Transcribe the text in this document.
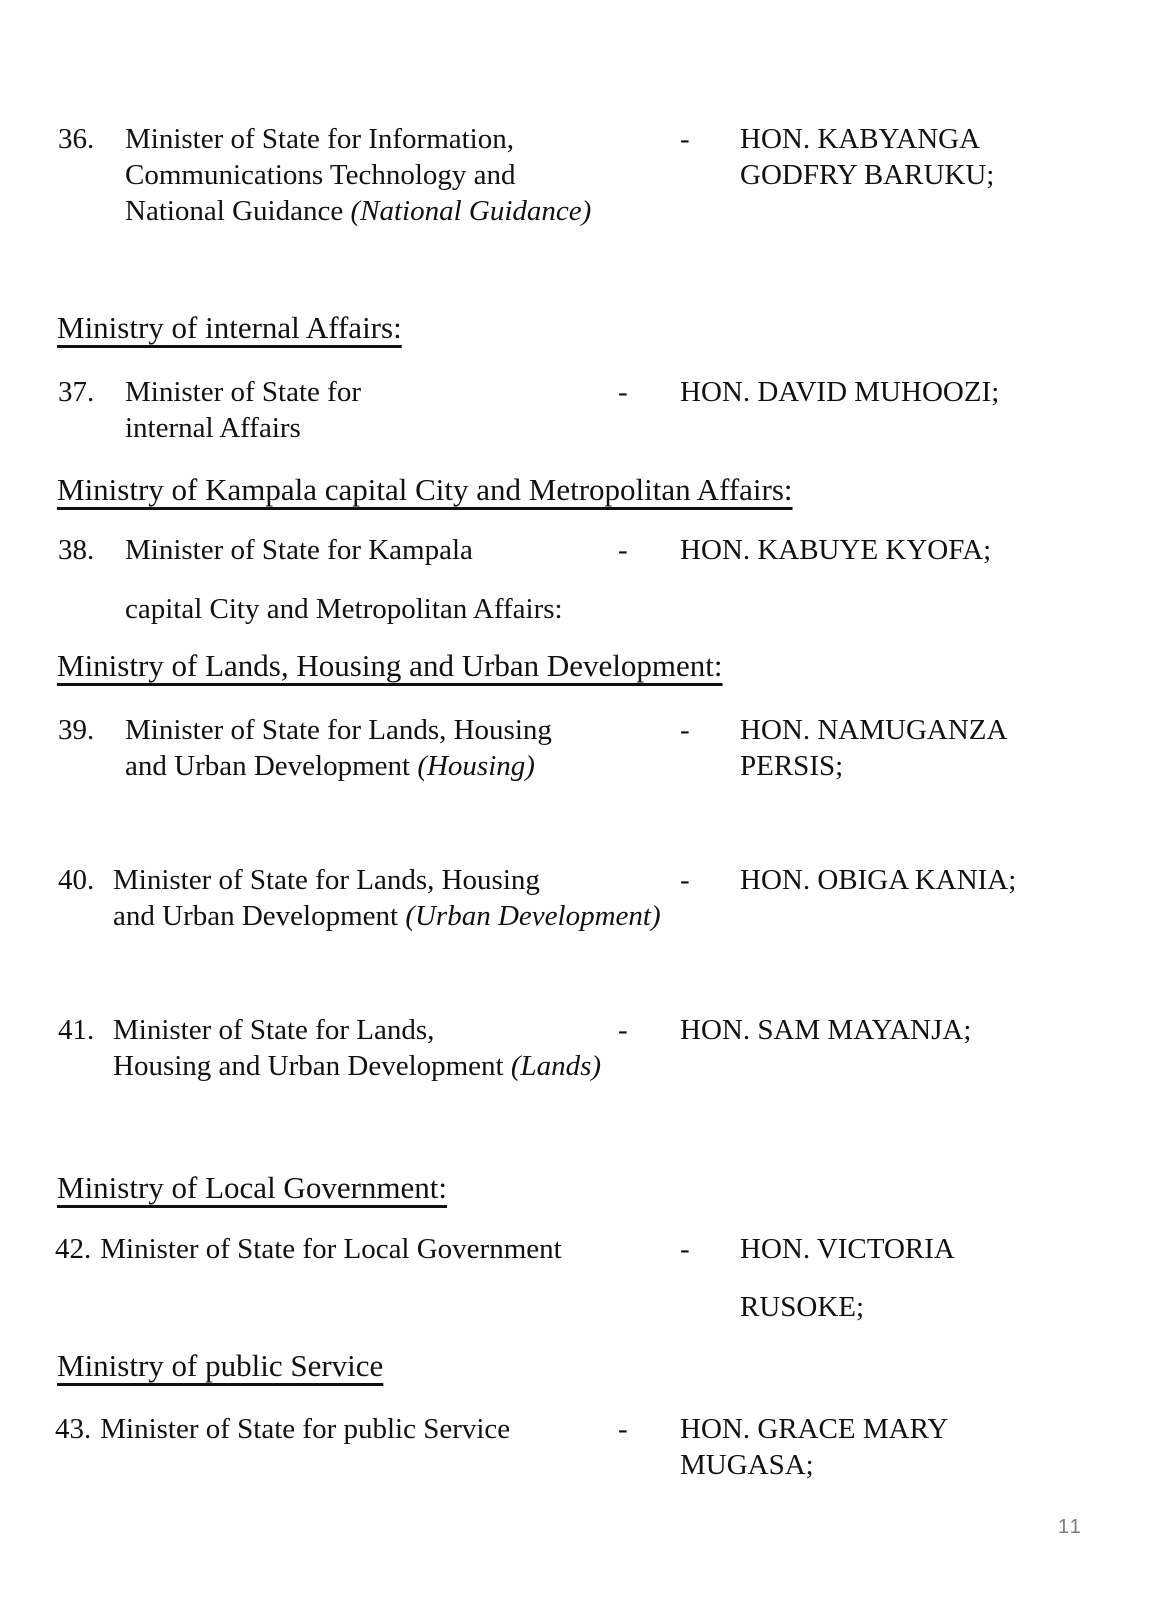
36. Minister of State for Information,
Communications Technology and
National Guidance (National Guidance)
- HON. KABYANGA
GODFRY BARUKU;
Ministry of internal Affairs:
37. Minister of State for
internal Affairs
- HON. DAVID MUHOOZI;
Ministry of Kampala capital City and Metropolitan Affairs:
38. Minister of State for Kampala
capital City and Metropolitan Affairs:
- HON. KABUYE KYOFA;
Ministry of Lands, Housing and Urban Development:
39. Minister of State for Lands, Housing
and Urban Development (Housing)
- HON. NAMUGANZA
PERSIS;
40. Minister of State for Lands, Housing
and Urban Development (Urban Development)
- HON. OBIGA KANIA;
41. Minister of State for Lands,
Housing and Urban Development (Lands)
- HON. SAM MAYANJA;
Ministry of Local Government:
42. Minister of State for Local Government	- HON. VICTORIA
RUSOKE;
Ministry of public Service
43. Minister of State for public Service	- HON. GRACE MARY
MUGASA;
11
